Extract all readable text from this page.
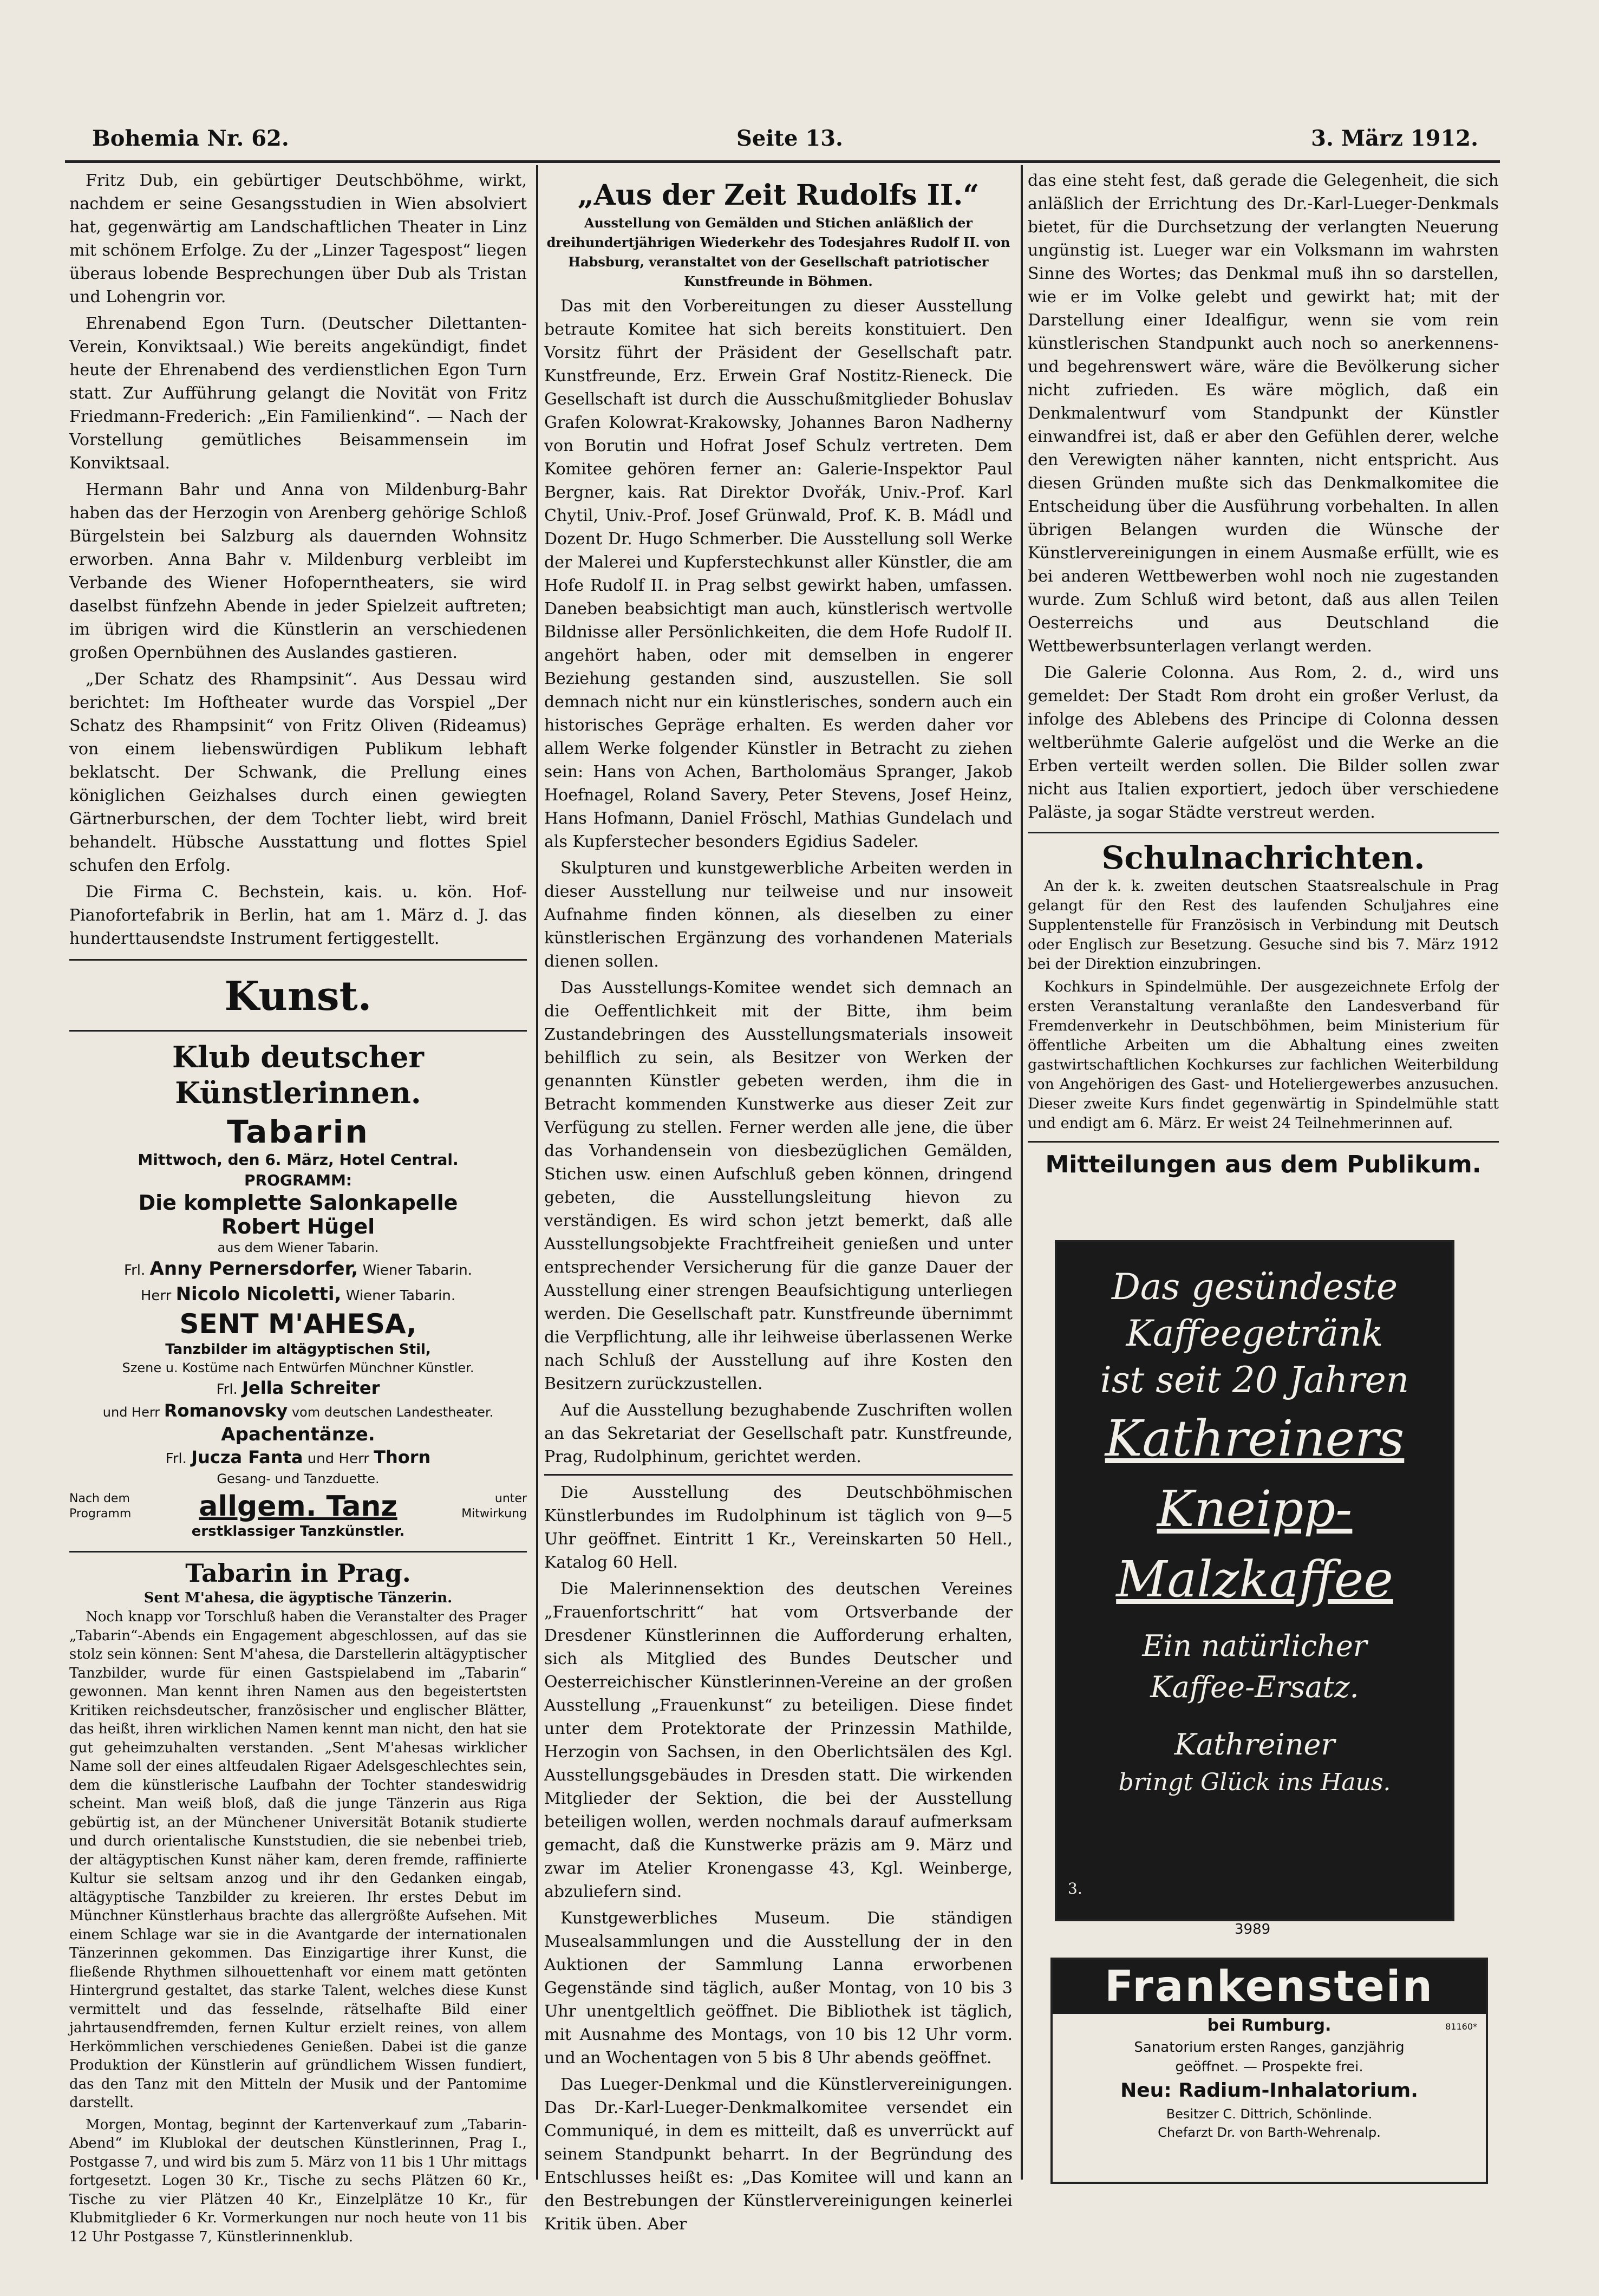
Bohemia Nr. 62.	Seite 13.	3. März 1912.

Fritz Dub, ein gebürtiger Deutschböhme, wirkt, nachdem er seine Gesangsstudien in Wien absolviert hat, gegenwärtig am Landschaftlichen Theater in Linz mit schönem Erfolge. Zu der „Linzer Tagespost“ liegen überaus lobende Besprechungen über Dub als Tristan und Lohengrin vor.

Ehrenabend Egon Turn. (Deutscher Dilettanten-Verein, Konviktsaal.) Wie bereits angekündigt, findet heute der Ehrenabend des verdienstlichen Egon Turn statt. Zur Aufführung gelangt die Novität von Fritz Friedmann-Frederich: „Ein Familienkind“. — Nach der Vorstellung gemütliches Beisammensein im Konviktsaal.

Hermann Bahr und Anna von Mildenburg-Bahr haben das der Herzogin von Arenberg gehörige Schloß Bürgelstein bei Salzburg als dauernden Wohnsitz erworben. Anna Bahr v. Mildenburg verbleibt im Verbande des Wiener Hofoperntheaters, sie wird daselbst fünfzehn Abende in jeder Spielzeit auftreten; im übrigen wird die Künstlerin an verschiedenen großen Opernbühnen des Auslandes gastieren.

„Der Schatz des Rhampsinit“. Aus Dessau wird berichtet: Im Hoftheater wurde das Vorspiel „Der Schatz des Rhampsinit“ von Fritz Oliven (Rideamus) von einem liebenswürdigen Publikum lebhaft beklatscht. Der Schwank, die Prellung eines königlichen Geizhalses durch einen gewiegten Gärtnerburschen, der dem Tochter liebt, wird breit behandelt. Hübsche Ausstattung und flottes Spiel schufen den Erfolg.

Die Firma C. Bechstein, kais. u. kön. Hof-Pianofortefabrik in Berlin, hat am 1. März d. J. das hunderttausendste Instrument fertiggestellt.

Kunst.
Klub deutscher Künstlerinnen.
Tabarin
Mittwoch, den 6. März, Hotel Central.
PROGRAMM:
Die komplette Salonkapelle
Robert Hügel
aus dem Wiener Tabarin.
Frl. Anny Pernersdorfer, Wiener Tabarin.
Herr Nicolo Nicoletti, Wiener Tabarin.
SENT M'AHESA,
Tanzbilder im altägyptischen Stil,
Szene u. Kostüme nach Entwürfen Münchner Künstler.
Frl. Jella Schreiter
und Herr Romanovsky vom deutschen Landestheater.
Apachentänze.
Frl. Jucza Fanta und Herr Thorn
Gesang- und Tanzduette.
Nach dem Programm	allgem. Tanz	unter Mitwirkung
erstklassiger Tanzkünstler.
Tabarin in Prag.
Sent M'ahesa, die ägyptische Tänzerin.

Noch knapp vor Torschluß haben die Veranstalter des Prager „Tabarin“-Abends ein Engagement abgeschlossen, auf das sie stolz sein können: Sent M'ahesa, die Darstellerin altägyptischer Tanzbilder, wurde für einen Gastspielabend im „Tabarin“ gewonnen. Man kennt ihren Namen aus den begeistertsten Kritiken reichsdeutscher, französischer und englischer Blätter, das heißt, ihren wirklichen Namen kennt man nicht, den hat sie gut geheimzuhalten verstanden. „Sent M'ahesas wirklicher Name soll der eines altfeudalen Rigaer Adelsgeschlechtes sein, dem die künstlerische Laufbahn der Tochter standeswidrig scheint. Man weiß bloß, daß die junge Tänzerin aus Riga gebürtig ist, an der Münchener Universität Botanik studierte und durch orientalische Kunststudien, die sie nebenbei trieb, der altägyptischen Kunst näher kam, deren fremde, raffinierte Kultur sie seltsam anzog und ihr den Gedanken eingab, altägyptische Tanzbilder zu kreieren. Ihr erstes Debut im Münchner Künstlerhaus brachte das allergrößte Aufsehen. Mit einem Schlage war sie in die Avantgarde der internationalen Tänzerinnen gekommen. Das Einzigartige ihrer Kunst, die fließende Rhythmen silhouettenhaft vor einem matt getönten Hintergrund gestaltet, das starke Talent, welches diese Kunst vermittelt und das fesselnde, rätselhafte Bild einer jahrtausendfremden, fernen Kultur erzielt reines, von allem Herkömmlichen verschiedenes Genießen. Dabei ist die ganze Produktion der Künstlerin auf gründlichem Wissen fundiert, das den Tanz mit den Mitteln der Musik und der Pantomime darstellt.

Morgen, Montag, beginnt der Kartenverkauf zum „Tabarin-Abend“ im Klublokal der deutschen Künstlerinnen, Prag I., Postgasse 7, und wird bis zum 5. März von 11 bis 1 Uhr mittags fortgesetzt. Logen 30 Kr., Tische zu sechs Plätzen 60 Kr., Tische zu vier Plätzen 40 Kr., Einzelplätze 10 Kr., für Klubmitglieder 6 Kr. Vormerkungen nur noch heute von 11 bis 12 Uhr Postgasse 7, Künstlerinnenklub.

„Aus der Zeit Rudolfs II.“

Ausstellung von Gemälden und Stichen anläßlich der dreihundertjährigen Wiederkehr des Todesjahres Rudolf II. von Habsburg, veranstaltet von der Gesellschaft patriotischer Kunstfreunde in Böhmen.

Das mit den Vorbereitungen zu dieser Ausstellung betraute Komitee hat sich bereits konstituiert. Den Vorsitz führt der Präsident der Gesellschaft patr. Kunstfreunde, Erz. Erwein Graf Nostitz-Rieneck. Die Gesellschaft ist durch die Ausschußmitglieder Bohuslav Grafen Kolowrat-Krakowsky, Johannes Baron Nadherny von Borutin und Hofrat Josef Schulz vertreten. Dem Komitee gehören ferner an: Galerie-Inspektor Paul Bergner, kais. Rat Direktor Dvořák, Univ.-Prof. Karl Chytil, Univ.-Prof. Josef Grünwald, Prof. K. B. Mádl und Dozent Dr. Hugo Schmerber. Die Ausstellung soll Werke der Malerei und Kupferstechkunst aller Künstler, die am Hofe Rudolf II. in Prag selbst gewirkt haben, umfassen. Daneben beabsichtigt man auch, künstlerisch wertvolle Bildnisse aller Persönlichkeiten, die dem Hofe Rudolf II. angehört haben, oder mit demselben in engerer Beziehung gestanden sind, auszustellen. Sie soll demnach nicht nur ein künstlerisches, sondern auch ein historisches Gepräge erhalten. Es werden daher vor allem Werke folgender Künstler in Betracht zu ziehen sein: Hans von Achen, Bartholomäus Spranger, Jakob Hoefnagel, Roland Savery, Peter Stevens, Josef Heinz, Hans Hofmann, Daniel Fröschl, Mathias Gundelach und als Kupferstecher besonders Egidius Sadeler.

Skulpturen und kunstgewerbliche Arbeiten werden in dieser Ausstellung nur teilweise und nur insoweit Aufnahme finden können, als dieselben zu einer künstlerischen Ergänzung des vorhandenen Materials dienen sollen.

Das Ausstellungs-Komitee wendet sich demnach an die Oeffentlichkeit mit der Bitte, ihm beim Zustandebringen des Ausstellungsmaterials insoweit behilflich zu sein, als Besitzer von Werken der genannten Künstler gebeten werden, ihm die in Betracht kommenden Kunstwerke aus dieser Zeit zur Verfügung zu stellen. Ferner werden alle jene, die über das Vorhandensein von diesbezüglichen Gemälden, Stichen usw. einen Aufschluß geben können, dringend gebeten, die Ausstellungsleitung hievon zu verständigen. Es wird schon jetzt bemerkt, daß alle Ausstellungsobjekte Frachtfreiheit genießen und unter entsprechender Versicherung für die ganze Dauer der Ausstellung einer strengen Beaufsichtigung unterliegen werden. Die Gesellschaft patr. Kunstfreunde übernimmt die Verpflichtung, alle ihr leihweise überlassenen Werke nach Schluß der Ausstellung auf ihre Kosten den Besitzern zurückzustellen.

Auf die Ausstellung bezughabende Zuschriften wollen an das Sekretariat der Gesellschaft patr. Kunstfreunde, Prag, Rudolphinum, gerichtet werden.

Die Ausstellung des Deutschböhmischen Künstlerbundes im Rudolphinum ist täglich von 9—5 Uhr geöffnet. Eintritt 1 Kr., Vereinskarten 50 Hell., Katalog 60 Hell.

Die Malerinnensektion des deutschen Vereines „Frauenfortschritt“ hat vom Ortsverbande der Dresdener Künstlerinnen die Aufforderung erhalten, sich als Mitglied des Bundes Deutscher und Oesterreichischer Künstlerinnen-Vereine an der großen Ausstellung „Frauenkunst“ zu beteiligen. Diese findet unter dem Protektorate der Prinzessin Mathilde, Herzogin von Sachsen, in den Oberlichtsälen des Kgl. Ausstellungsgebäudes in Dresden statt. Die wirkenden Mitglieder der Sektion, die bei der Ausstellung beteiligen wollen, werden nochmals darauf aufmerksam gemacht, daß die Kunstwerke präzis am 9. März und zwar im Atelier Kronengasse 43, Kgl. Weinberge, abzuliefern sind.

Kunstgewerbliches Museum. Die ständigen Musealsammlungen und die Ausstellung der in den Auktionen der Sammlung Lanna erworbenen Gegenstände sind täglich, außer Montag, von 10 bis 3 Uhr unentgeltlich geöffnet. Die Bibliothek ist täglich, mit Ausnahme des Montags, von 10 bis 12 Uhr vorm. und an Wochentagen von 5 bis 8 Uhr abends geöffnet.

Das Lueger-Denkmal und die Künstlervereinigungen. Das Dr.-Karl-Lueger-Denkmalkomitee versendet ein Communiqué, in dem es mitteilt, daß es unverrückt auf seinem Standpunkt beharrt. In der Begründung des Entschlusses heißt es: „Das Komitee will und kann an den Bestrebungen der Künstlervereinigungen keinerlei Kritik üben. Aber

das eine steht fest, daß gerade die Gelegenheit, die sich anläßlich der Errichtung des Dr.-Karl-Lueger-Denkmals bietet, für die Durchsetzung der verlangten Neuerung ungünstig ist. Lueger war ein Volksmann im wahrsten Sinne des Wortes; das Denkmal muß ihn so darstellen, wie er im Volke gelebt und gewirkt hat; mit der Darstellung einer Idealfigur, wenn sie vom rein künstlerischen Standpunkt auch noch so anerkennens- und begehrenswert wäre, wäre die Bevölkerung sicher nicht zufrieden. Es wäre möglich, daß ein Denkmalentwurf vom Standpunkt der Künstler einwandfrei ist, daß er aber den Gefühlen derer, welche den Verewigten näher kannten, nicht entspricht. Aus diesen Gründen mußte sich das Denkmalkomitee die Entscheidung über die Ausführung vorbehalten. In allen übrigen Belangen wurden die Wünsche der Künstlervereinigungen in einem Ausmaße erfüllt, wie es bei anderen Wettbewerben wohl noch nie zugestanden wurde. Zum Schluß wird betont, daß aus allen Teilen Oesterreichs und aus Deutschland die Wettbewerbsunterlagen verlangt werden.

Die Galerie Colonna. Aus Rom, 2. d., wird uns gemeldet: Der Stadt Rom droht ein großer Verlust, da infolge des Ablebens des Principe di Colonna dessen weltberühmte Galerie aufgelöst und die Werke an die Erben verteilt werden sollen. Die Bilder sollen zwar nicht aus Italien exportiert, jedoch über verschiedene Paläste, ja sogar Städte verstreut werden.

Schulnachrichten.

An der k. k. zweiten deutschen Staatsrealschule in Prag gelangt für den Rest des laufenden Schuljahres eine Supplentenstelle für Französisch in Verbindung mit Deutsch oder Englisch zur Besetzung. Gesuche sind bis 7. März 1912 bei der Direktion einzubringen.

Kochkurs in Spindelmühle. Der ausgezeichnete Erfolg der ersten Veranstaltung veranlaßte den Landesverband für Fremdenverkehr in Deutschböhmen, beim Ministerium für öffentliche Arbeiten um die Abhaltung eines zweiten gastwirtschaftlichen Kochkurses zur fachlichen Weiterbildung von Angehörigen des Gast- und Hoteliergewerbes anzusuchen. Dieser zweite Kurs findet gegenwärtig in Spindelmühle statt und endigt am 6. März. Er weist 24 Teilnehmerinnen auf.

Mitteilungen aus dem Publikum.
Das gesündeste
Kaffeegetränk
ist seit 20 Jahren
Kathreiners
Kneipp-
Malzkaffee
Ein natürlicher
Kaffee-Ersatz.
Kathreiner
bringt Glück ins Haus.
3.
3989
Frankenstein
bei Rumburg.	81160*
Sanatorium ersten Ranges, ganzjährig
geöffnet. — Prospekte frei.
Neu: Radium-Inhalatorium.
Besitzer C. Dittrich, Schönlinde.
Chefarzt Dr. von Barth-Wehrenalp.
